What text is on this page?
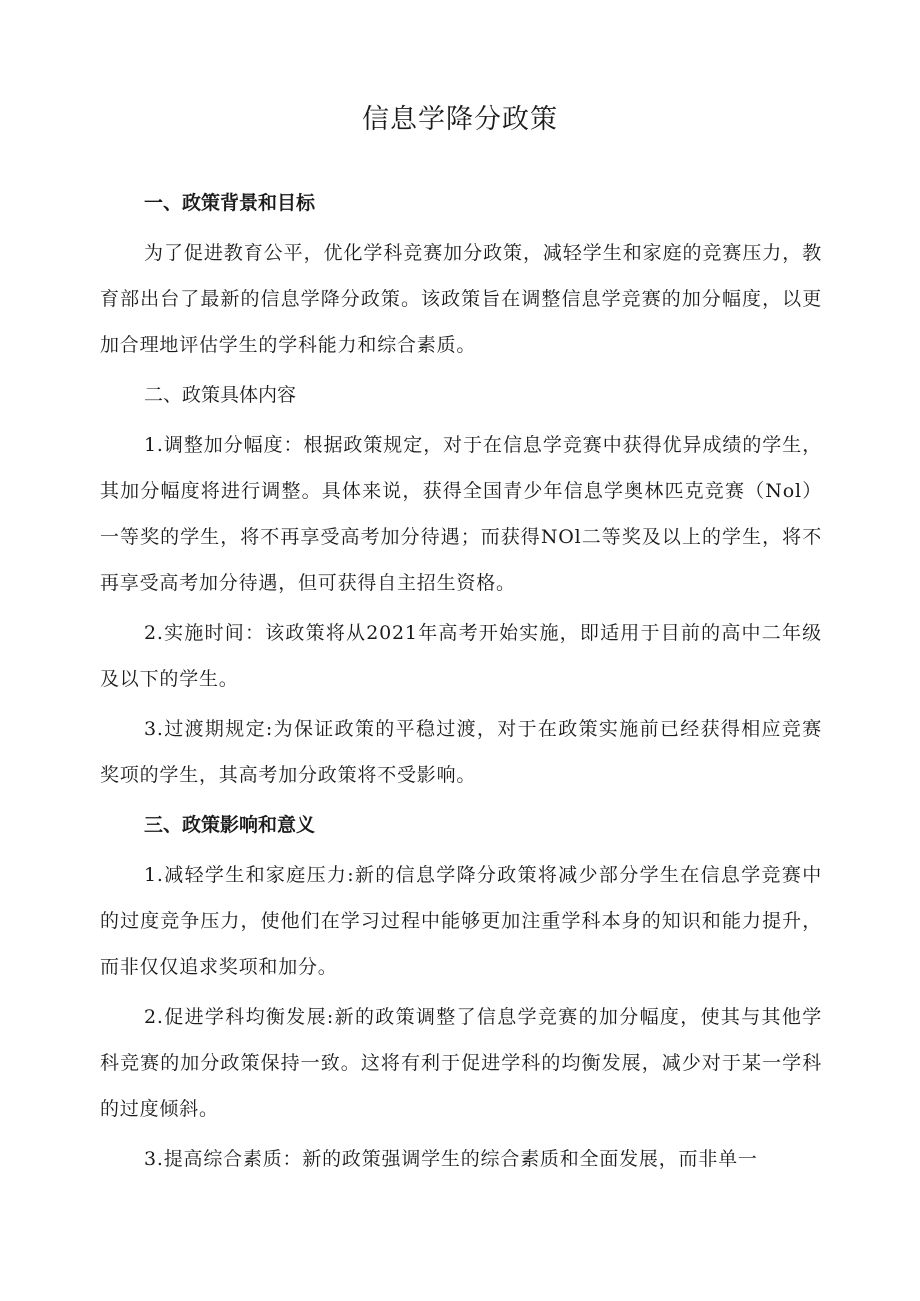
信息学降分政策
一、政策背景和目标

为了促进教育公平，优化学科竞赛加分政策，减轻学生和家庭的竞赛压力，教育部出台了最新的信息学降分政策。该政策旨在调整信息学竞赛的加分幅度，以更加合理地评估学生的学科能力和综合素质。

二、政策具体内容

1.调整加分幅度：根据政策规定，对于在信息学竞赛中获得优异成绩的学生，其加分幅度将进行调整。具体来说，获得全国青少年信息学奥林匹克竞赛（Nol）一等奖的学生，将不再享受高考加分待遇；而获得NOl二等奖及以上的学生，将不再享受高考加分待遇，但可获得自主招生资格。

2.实施时间：该政策将从2021年高考开始实施，即适用于目前的高中二年级及以下的学生。

3.过渡期规定:为保证政策的平稳过渡，对于在政策实施前已经获得相应竞赛奖项的学生，其高考加分政策将不受影响。

三、政策影响和意义

1.减轻学生和家庭压力:新的信息学降分政策将减少部分学生在信息学竞赛中的过度竞争压力，使他们在学习过程中能够更加注重学科本身的知识和能力提升，而非仅仅追求奖项和加分。

2.促进学科均衡发展:新的政策调整了信息学竞赛的加分幅度，使其与其他学科竞赛的加分政策保持一致。这将有利于促进学科的均衡发展，减少对于某一学科的过度倾斜。

3.提高综合素质：新的政策强调学生的综合素质和全面发展，而非单一
